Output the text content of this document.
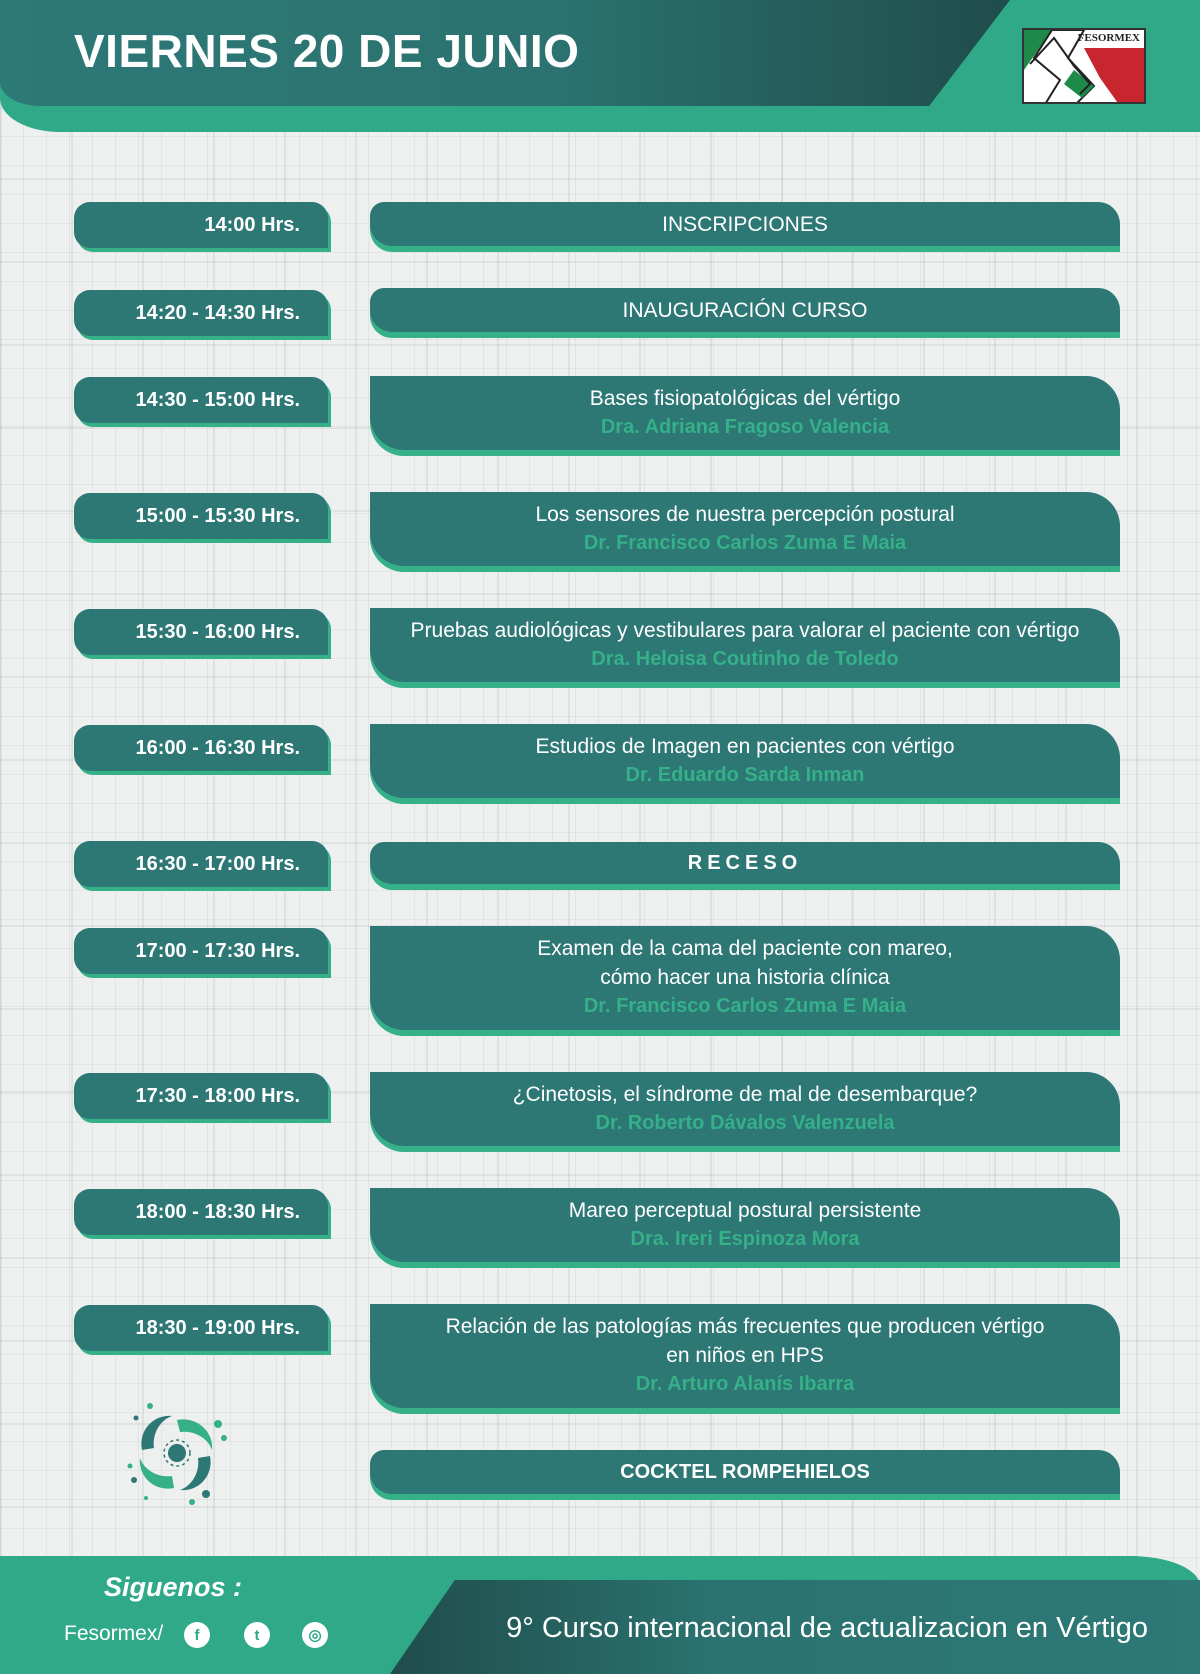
VIERNES 20 DE JUNIO	FESORMEX
14:00 Hrs.	INSCRIPCIONES
14:20 - 14:30 Hrs.	INAUGURACIÓN CURSO
14:30 - 15:00 Hrs.	Bases fisiopatológicas del vértigo
Dra. Adriana Fragoso Valencia
15:00 - 15:30 Hrs.	Los sensores de nuestra percepción postural
Dr. Francisco Carlos Zuma E Maia
15:30 - 16:00 Hrs.	Pruebas audiológicas y vestibulares para valorar el paciente con vértigo
Dra. Heloisa Coutinho de Toledo
16:00 - 16:30 Hrs.	Estudios de Imagen en pacientes con vértigo
Dr. Eduardo Sarda Inman
16:30 - 17:00 Hrs.	RECESO
17:00 - 17:30 Hrs.	Examen de la cama del paciente con mareo,
cómo hacer una historia clínica
Dr. Francisco Carlos Zuma E Maia
17:30 - 18:00 Hrs.	¿Cinetosis, el síndrome de mal de desembarque?
Dr. Roberto Dávalos Valenzuela
18:00 - 18:30 Hrs.	Mareo perceptual postural persistente
Dra. Ireri Espinoza Mora
18:30 - 19:00 Hrs.	Relación de las patologías más frecuentes que producen vértigo
en niños en HPS
Dr. Arturo Alanís Ibarra
COCKTEL ROMPEHIELOS
Siguenos :
Fesormex/	f	t	◎	9° Curso internacional de actualizacion en Vértigo
